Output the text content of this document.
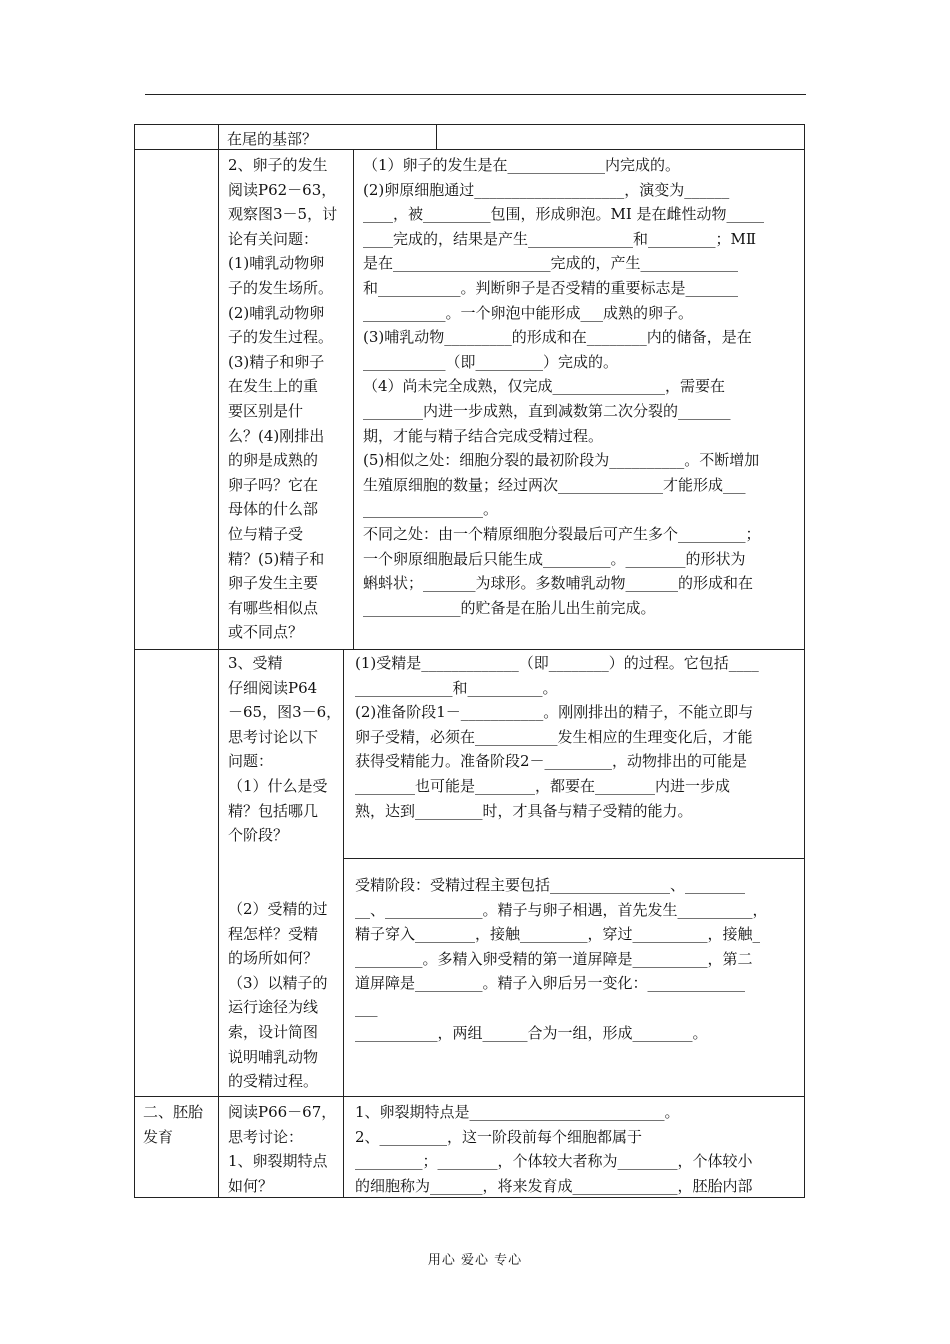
在尾的基部？
2、卵子的发生
阅读P62－63，
观察图3－5，讨
论有关问题：
(1)哺乳动物卵
子的发生场所。
(2)哺乳动物卵
子的发生过程。
(3)精子和卵子
在发生上的重
要区别是什
么？(4)刚排出
的卵是成熟的
卵子吗？它在
母体的什么部
位与精子受
精？(5)精子和
卵子发生主要
有哪些相似点
或不同点？
（1）卵子的发生是在_____________内完成的。
(2)卵原细胞通过____________________，演变为______
____，被_________包围，形成卵泡。MⅠ 是在雌性动物_____
____完成的，结果是产生______________和_________；MⅡ
是在_____________________完成的，产生_____________
和___________。判断卵子是否受精的重要标志是_______
___________。一个卵泡中能形成___成熟的卵子。
(3)哺乳动物_________的形成和在________内的储备，是在
___________（即_________）完成的。
（4）尚未完全成熟，仅完成_______________，需要在
________内进一步成熟，直到减数第二次分裂的_______
期，才能与精子结合完成受精过程。
(5)相似之处：细胞分裂的最初阶段为__________。不断增加
生殖原细胞的数量；经过两次______________才能形成___
________________。
不同之处：由一个精原细胞分裂最后可产生多个_________；
一个卵原细胞最后只能生成_________。________的形状为
蝌蚪状；_______为球形。多数哺乳动物_______的形成和在
_____________的贮备是在胎儿出生前完成。
3、受精
仔细阅读P64
－65，图3－6，
思考讨论以下
问题：
（1）什么是受
精？包括哪几
个阶段？

（2）受精的过
程怎样？受精
的场所如何？
（3）以精子的
运行途径为线
索，设计简图
说明哺乳动物
的受精过程。
(1)受精是_____________（即________）的过程。它包括____
_____________和__________。
(2)准备阶段1－___________。刚刚排出的精子，不能立即与
卵子受精，必须在___________发生相应的生理变化后，才能
获得受精能力。准备阶段2－_________，动物排出的可能是
________也可能是________，都要在________内进一步成
熟，达到_________时，才具备与精子受精的能力。
受精阶段：受精过程主要包括________________、________
__、_____________。精子与卵子相遇，首先发生__________，
精子穿入________，接触_________，穿过__________，接触_
_________。多精入卵受精的第一道屏障是__________，第二
道屏障是_________。精子入卵后另一变化：_____________
___
___________，两组______合为一组，形成________。
二、胚胎
发育
阅读P66－67，
思考讨论：
1、卵裂期特点
如何？
1、卵裂期特点是__________________________。
2、_________，这一阶段前每个细胞都属于
_________；________，个体较大者称为________，个体较小
的细胞称为_______，将来发育成______________，胚胎内部
用心 爱心 专心
